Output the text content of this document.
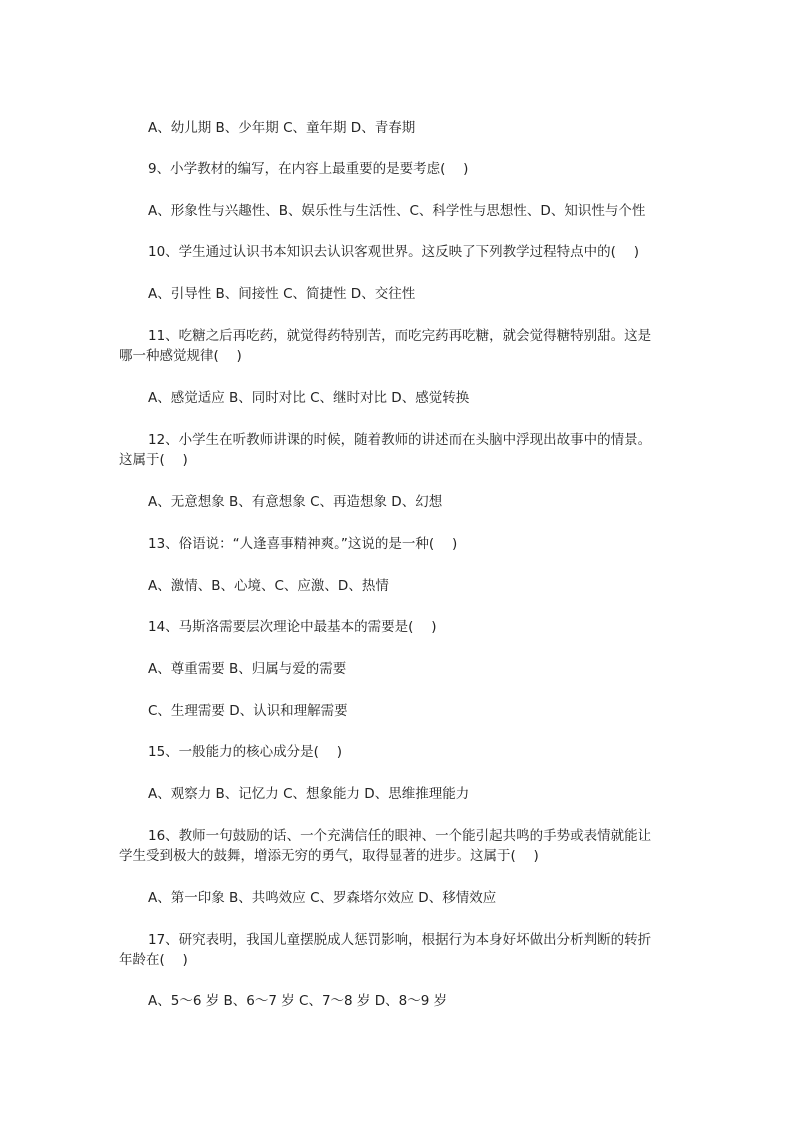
A、幼儿期 B、少年期 C、童年期 D、青春期
9、小学教材的编写，在内容上最重要的是要考虑(　 )
A、形象性与兴趣性、B、娱乐性与生活性、C、科学性与思想性、D、知识性与个性
10、学生通过认识书本知识去认识客观世界。这反映了下列教学过程特点中的(　 )
A、引导性 B、间接性 C、简捷性 D、交往性
11、吃糖之后再吃药，就觉得药特别苦，而吃完药再吃糖，就会觉得糖特别甜。这是
哪一种感觉规律(　 )
A、感觉适应 B、同时对比 C、继时对比 D、感觉转换
12、小学生在听教师讲课的时候，随着教师的讲述而在头脑中浮现出故事中的情景。
这属于(　 )
A、无意想象 B、有意想象 C、再造想象 D、幻想
13、俗语说：“人逢喜事精神爽。”这说的是一种(　 )
A、激情、B、心境、C、应激、D、热情
14、马斯洛需要层次理论中最基本的需要是(　 )
A、尊重需要 B、归属与爱的需要
C、生理需要 D、认识和理解需要
15、一般能力的核心成分是(　 )
A、观察力 B、记忆力 C、想象能力 D、思维推理能力
16、教师一句鼓励的话、一个充满信任的眼神、一个能引起共鸣的手势或表情就能让
学生受到极大的鼓舞，增添无穷的勇气，取得显著的进步。这属于(　 )
A、第一印象 B、共鸣效应 C、罗森塔尔效应 D、移情效应
17、研究表明，我国儿童摆脱成人惩罚影响，根据行为本身好坏做出分析判断的转折
年龄在(　 )
A、5～6 岁 B、6～7 岁 C、7～8 岁 D、8～9 岁
